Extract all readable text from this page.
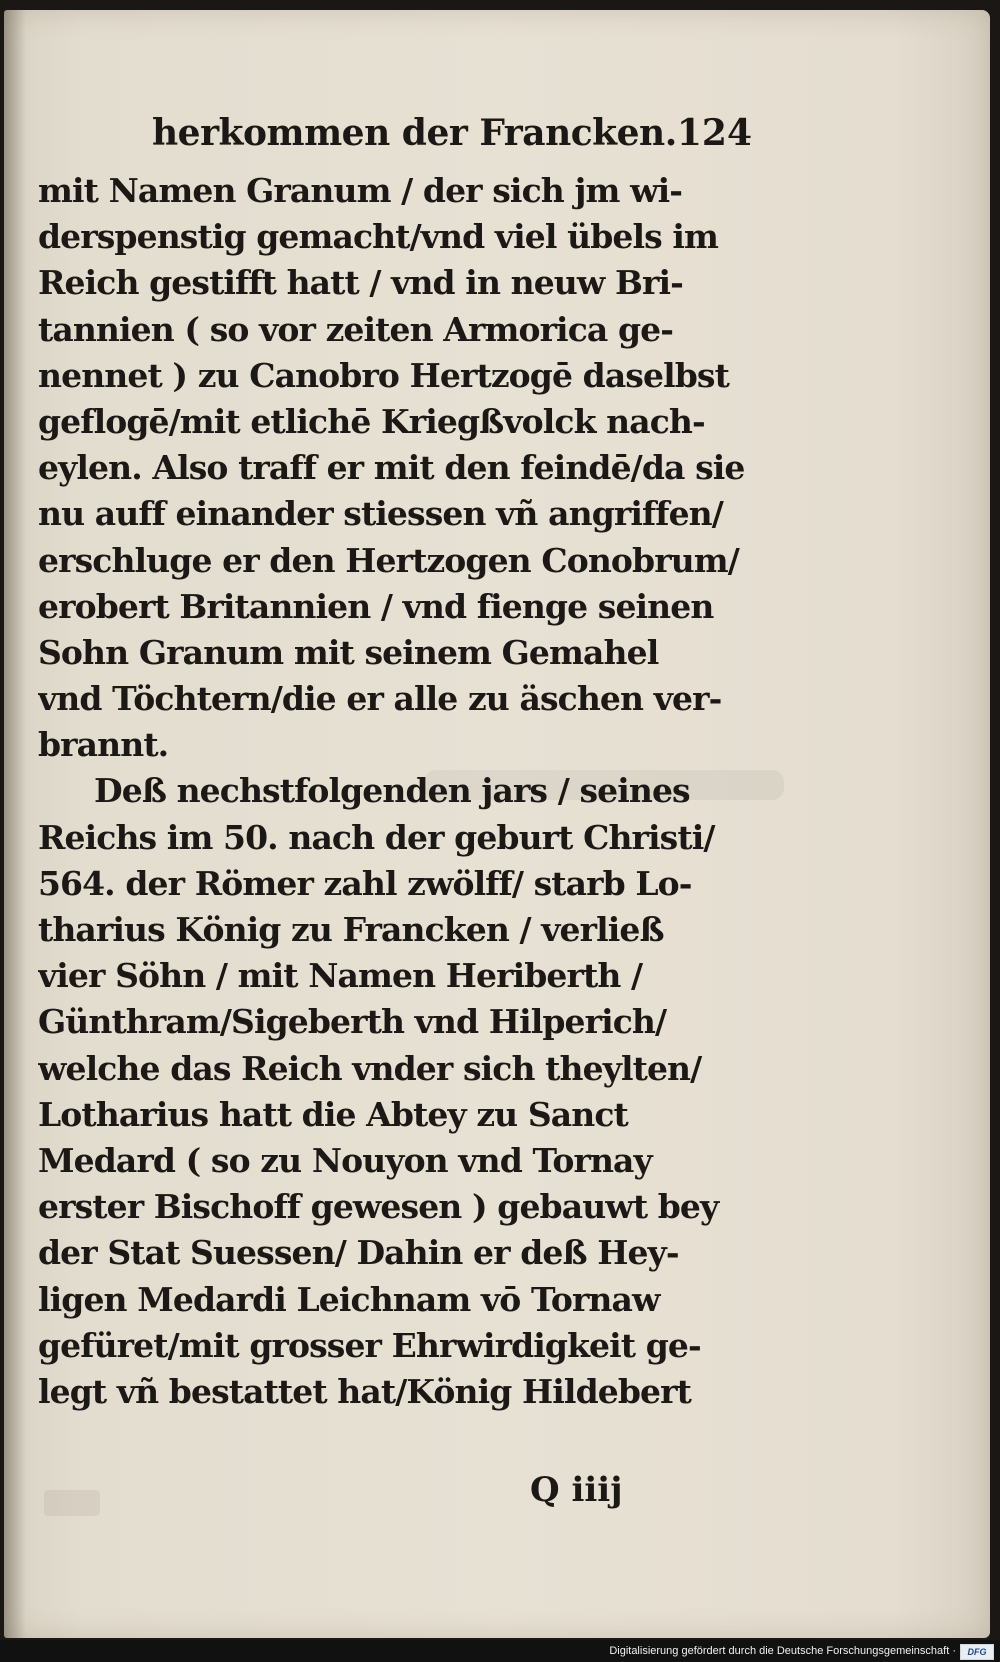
herkommen der Francken. 124
mit Namen Granum / der sich jm wi-
derspenstig gemacht/vnd viel übels im
Reich gestifft hatt / vnd in neuw Bri-
tannien ( so vor zeiten Armorica ge-
nennet ) zu Canobro Hertzogē daselbst
geflogē/mit etlichē Kriegßvolck nach-
eylen. Also traff er mit den feindē/da sie
nu auff einander stiessen vñ angriffen/
erschluge er den Hertzogen Conobrum/
erobert Britannien / vnd fienge seinen
Sohn Granum mit seinem Gemahel
vnd Töchtern/die er alle zu äschen ver-
brannt.
Deß nechstfolgenden jars / seines
Reichs im 50. nach der geburt Christi/
564. der Römer zahl zwölff/ starb Lo-
tharius König zu Francken / verließ
vier Söhn / mit Namen Heriberth /
Günthram/Sigeberth vnd Hilperich/
welche das Reich vnder sich theylten/
Lotharius hatt die Abtey zu Sanct
Medard ( so zu Nouyon vnd Tornay
erster Bischoff gewesen ) gebauwt bey
der Stat Suessen/ Dahin er deß Hey-
ligen Medardi Leichnam vō Tornaw
gefüret/mit grosser Ehrwirdigkeit ge-
legt vñ bestattet hat/König Hildebert
Q iiij
Digitalisierung gefördert durch die Deutsche Forschungsgemeinschaft ·	DFG
